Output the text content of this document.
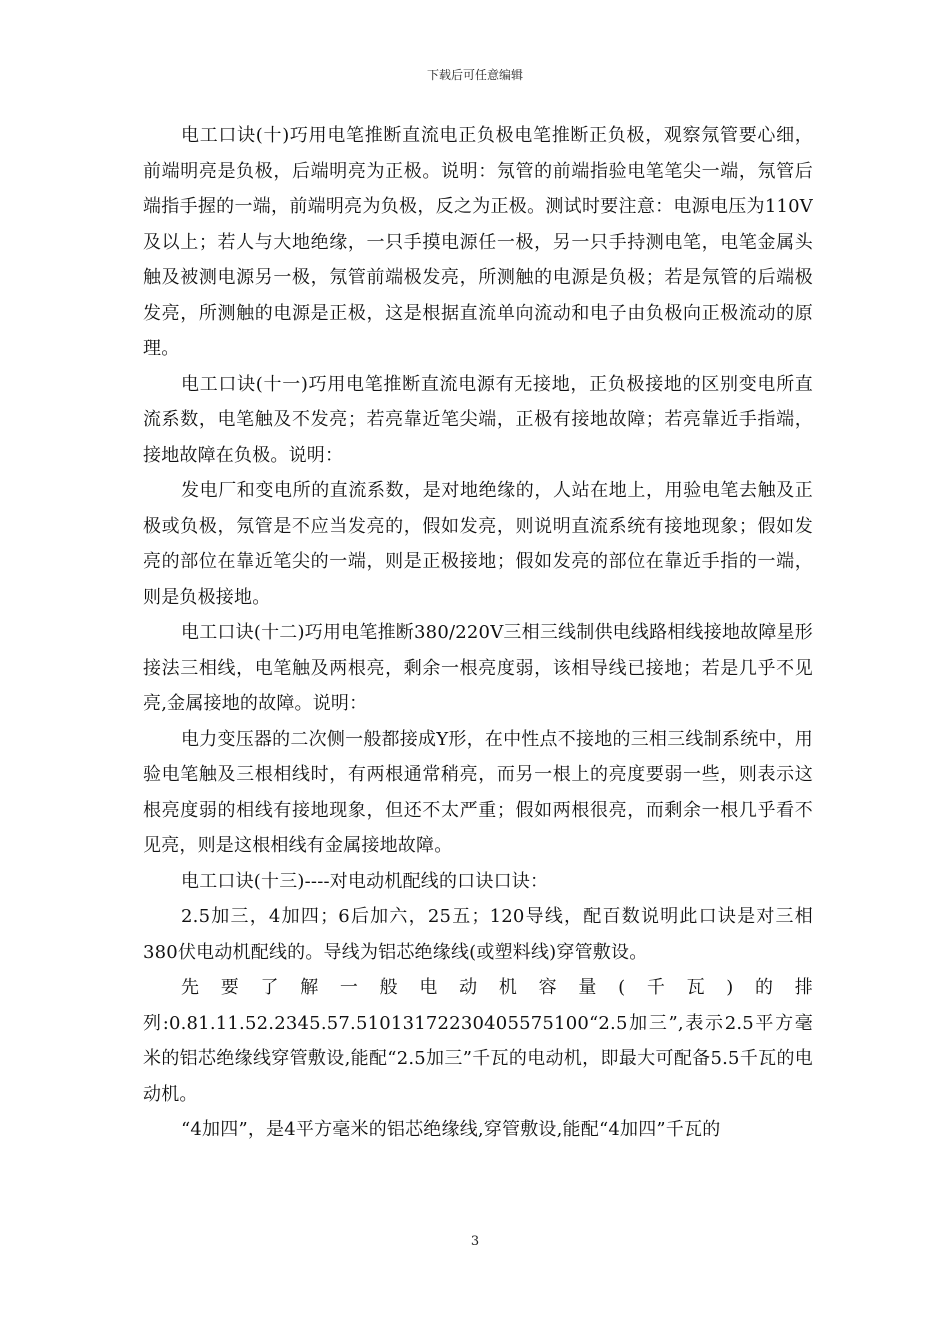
下载后可任意编辑

电工口诀(十)巧用电笔推断直流电正负极电笔推断正负极，观察氖管要心细，前端明亮是负极，后端明亮为正极。说明：氖管的前端指验电笔笔尖一端，氖管后端指手握的一端，前端明亮为负极，反之为正极。测试时要注意：电源电压为110V及以上；若人与大地绝缘，一只手摸电源任一极，另一只手持测电笔，电笔金属头触及被测电源另一极，氖管前端极发亮，所测触的电源是负极；若是氖管的后端极发亮，所测触的电源是正极，这是根据直流单向流动和电子由负极向正极流动的原理。

电工口诀(十一)巧用电笔推断直流电源有无接地，正负极接地的区别变电所直流系数，电笔触及不发亮；若亮靠近笔尖端，正极有接地故障；若亮靠近手指端，接地故障在负极。说明：

发电厂和变电所的直流系数，是对地绝缘的，人站在地上，用验电笔去触及正极或负极，氖管是不应当发亮的，假如发亮，则说明直流系统有接地现象；假如发亮的部位在靠近笔尖的一端，则是正极接地；假如发亮的部位在靠近手指的一端，则是负极接地。

电工口诀(十二)巧用电笔推断380/220V三相三线制供电线路相线接地故障星形接法三相线，电笔触及两根亮，剩余一根亮度弱，该相导线已接地；若是几乎不见亮,金属接地的故障。说明：

电力变压器的二次侧一般都接成Y形，在中性点不接地的三相三线制系统中，用验电笔触及三根相线时，有两根通常稍亮，而另一根上的亮度要弱一些，则表示这根亮度弱的相线有接地现象，但还不太严重；假如两根很亮，而剩余一根几乎看不见亮，则是这根相线有金属接地故障。

电工口诀(十三)----对电动机配线的口诀口诀：

2.5加三，4加四；6后加六，25五；120导线，配百数说明此口诀是对三相380伏电动机配线的。导线为铝芯绝缘线(或塑料线)穿管敷设。

先要了解一般电动机容量(千瓦)的排列:0.81.11.52.2345.57.51013172230405575100“2.5加三”,表示2.5平方毫米的铝芯绝缘线穿管敷设,能配“2.5加三”千瓦的电动机，即最大可配备5.5千瓦的电动机。

“4加四”，是4平方毫米的铝芯绝缘线,穿管敷设,能配“4加四”千瓦的

3
